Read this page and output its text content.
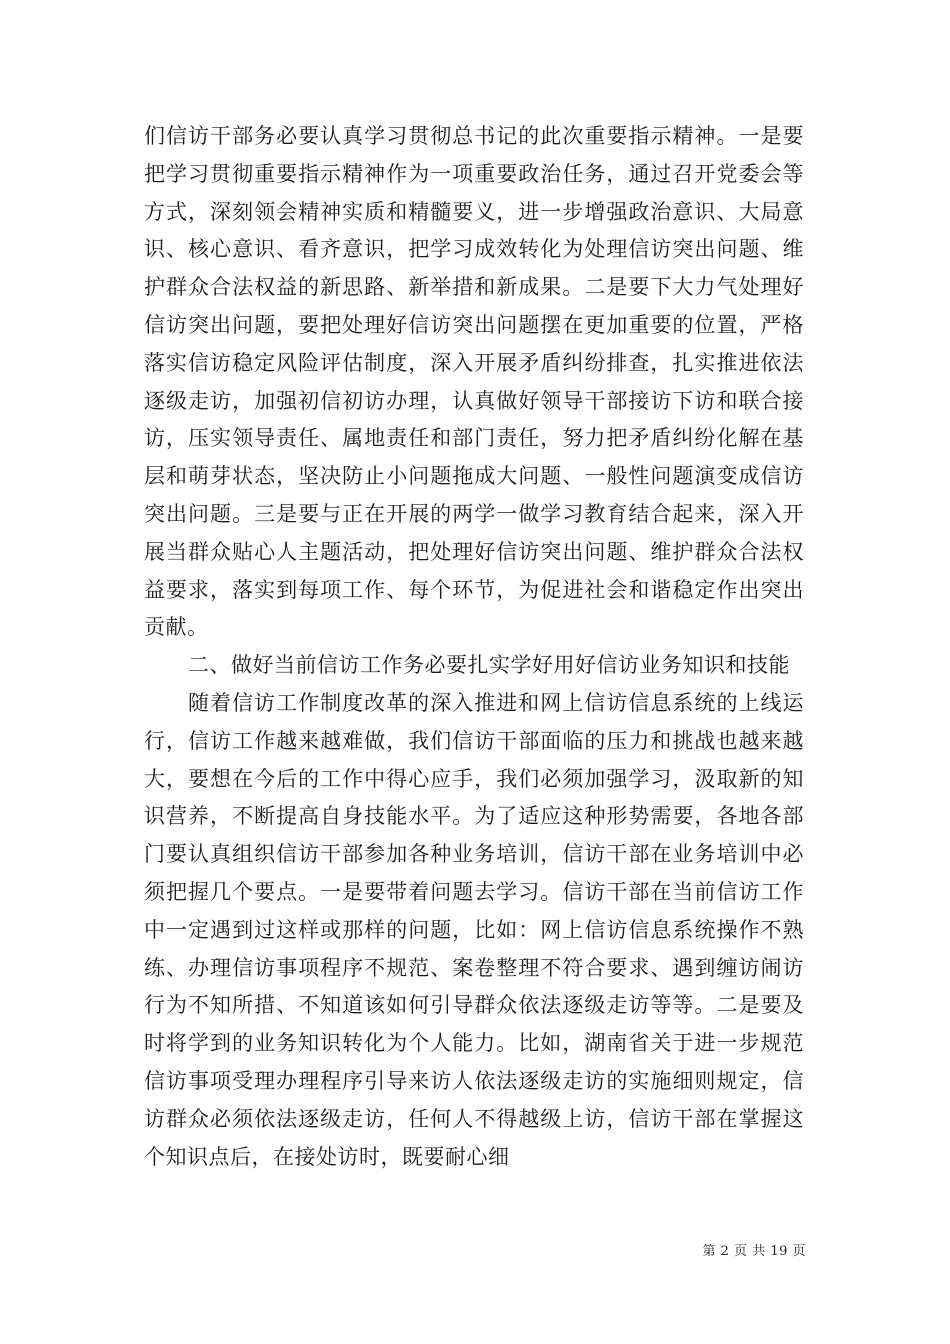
们信访干部务必要认真学习贯彻总书记的此次重要指示精神。一是要把学习贯彻重要指示精神作为一项重要政治任务，通过召开党委会等方式，深刻领会精神实质和精髓要义，进一步增强政治意识、大局意识、核心意识、看齐意识，把学习成效转化为处理信访突出问题、维护群众合法权益的新思路、新举措和新成果。二是要下大力气处理好信访突出问题，要把处理好信访突出问题摆在更加重要的位置，严格落实信访稳定风险评估制度，深入开展矛盾纠纷排查，扎实推进依法逐级走访，加强初信初访办理，认真做好领导干部接访下访和联合接访，压实领导责任、属地责任和部门责任，努力把矛盾纠纷化解在基层和萌芽状态，坚决防止小问题拖成大问题、一般性问题演变成信访突出问题。三是要与正在开展的两学一做学习教育结合起来，深入开展当群众贴心人主题活动，把处理好信访突出问题、维护群众合法权益要求，落实到每项工作、每个环节，为促进社会和谐稳定作出突出贡献。

二、做好当前信访工作务必要扎实学好用好信访业务知识和技能

随着信访工作制度改革的深入推进和网上信访信息系统的上线运行，信访工作越来越难做，我们信访干部面临的压力和挑战也越来越大，要想在今后的工作中得心应手，我们必须加强学习，汲取新的知识营养，不断提高自身技能水平。为了适应这种形势需要，各地各部门要认真组织信访干部参加各种业务培训，信访干部在业务培训中必须把握几个要点。一是要带着问题去学习。信访干部在当前信访工作中一定遇到过这样或那样的问题，比如：网上信访信息系统操作不熟练、办理信访事项程序不规范、案卷整理不符合要求、遇到缠访闹访行为不知所措、不知道该如何引导群众依法逐级走访等等。二是要及时将学到的业务知识转化为个人能力。比如，湖南省关于进一步规范信访事项受理办理程序引导来访人依法逐级走访的实施细则规定，信访群众必须依法逐级走访，任何人不得越级上访，信访干部在掌握这个知识点后，在接处访时，既要耐心细

第 2 页 共 19 页
